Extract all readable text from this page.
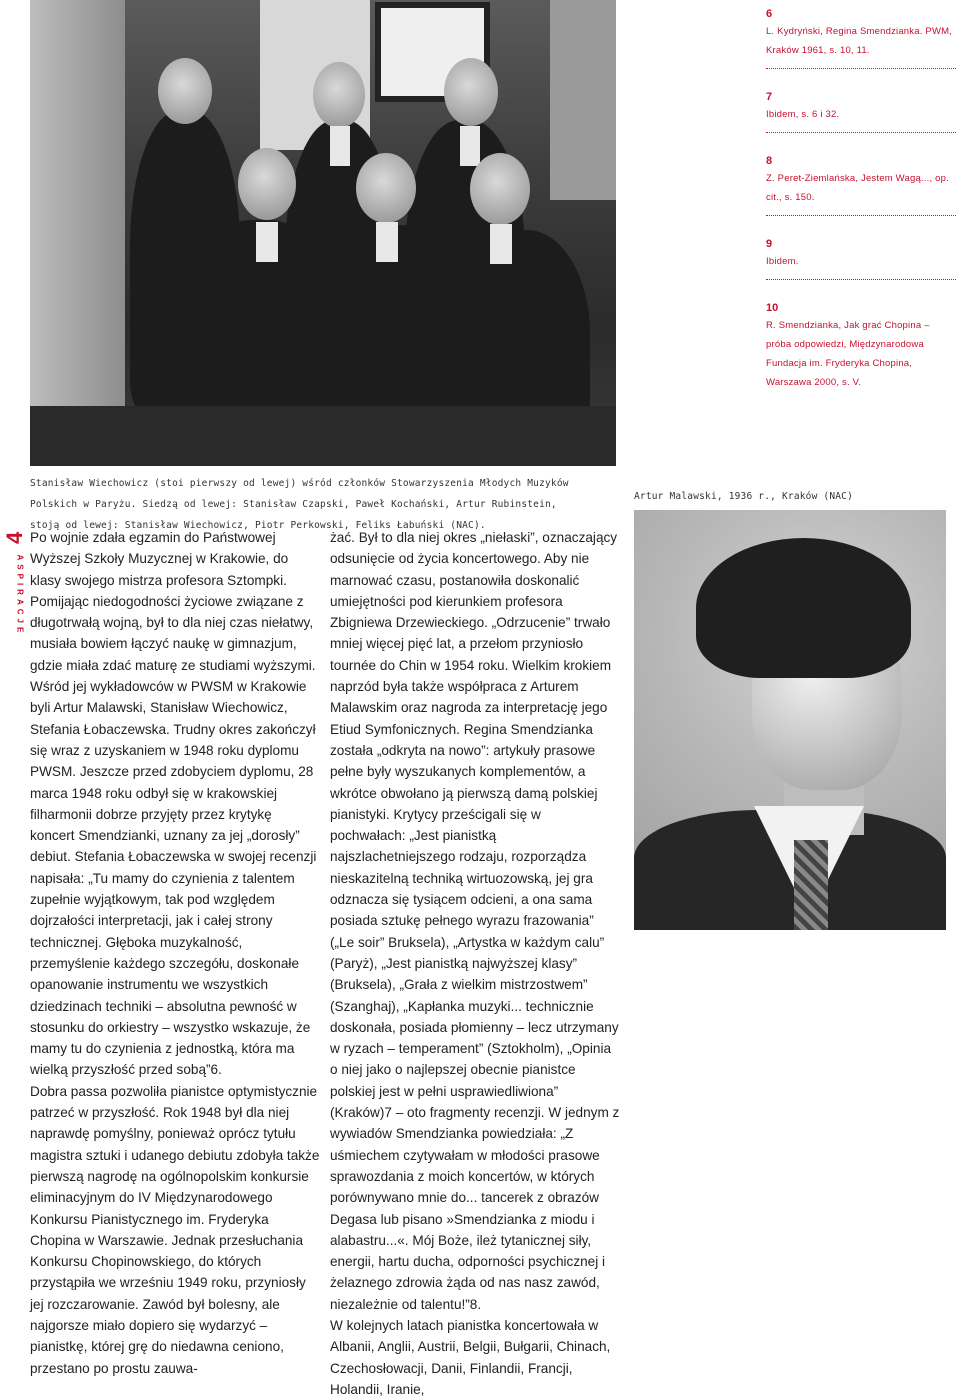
Stanisław Wiechowicz (stoi pierwszy od lewej) wśród członków Stowarzyszenia Młodych Muzyków Polskich w Paryżu. Siedzą od lewej: Stanisław Czapski, Paweł Kochański, Artur Rubinstein, stoją od lewej: Stanisław Wiechowicz, Piotr Perkowski, Feliks Łabuński (NAC).
Artur Malawski, 1936 r., Kraków (NAC)
6
L. Kydryński, Regina Smendzianka. PWM, Kraków 1961, s. 10, 11.
7
Ibidem, s. 6 i 32.
8
Z. Peret-Ziemlańska, Jestem Wagą..., op. cit., s. 150.
9
Ibidem.
10
R. Smendzianka, Jak grać Chopina – próba odpowiedzi, Międzynarodowa Fundacja im. Fryderyka Chopina, Warszawa 2000, s. V.
4
ASPIRACJE
Po wojnie zdała egzamin do Państwowej Wyższej Szkoły Muzycznej w Krakowie, do klasy swojego mistrza profesora Sztompki. Pomijając niedogodności życiowe związane z długotrwałą wojną, był to dla niej czas niełatwy, musiała bowiem łączyć naukę w gimnazjum, gdzie miała zdać maturę ze studiami wyższymi. Wśród jej wykładowców w PWSM w Krakowie byli Artur Malawski, Stanisław Wiechowicz, Stefania Łobaczewska. Trudny okres zakończył się wraz z uzyskaniem w 1948 roku dyplomu PWSM. Jeszcze przed zdobyciem dyplomu, 28 marca 1948 roku odbył się w krakowskiej filharmonii dobrze przyjęty przez krytykę koncert Smendzianki, uznany za jej „dorosły” debiut. Stefania Łobaczewska w swojej recenzji napisała: „Tu mamy do czynienia z talentem zupełnie wyjątkowym, tak pod względem dojrzałości interpretacji, jak i całej strony technicznej. Głęboka muzykalność, przemyślenie każdego szczegółu, doskonałe opanowanie instrumentu we wszystkich dziedzinach techniki – absolutna pewność w stosunku do orkiestry – wszystko wskazuje, że mamy tu do czynienia z jednostką, która ma wielką przyszłość przed sobą”6.
Dobra passa pozwoliła pianistce optymistycznie patrzeć w przyszłość. Rok 1948 był dla niej naprawdę pomyślny, ponieważ oprócz tytułu magistra sztuki i udanego debiutu zdobyła także pierwszą nagrodę na ogólnopolskim konkursie eliminacyjnym do IV Międzynarodowego Konkursu Pianistycznego im. Fryderyka Chopina w Warszawie. Jednak przesłuchania Konkursu Chopinowskiego, do których przystąpiła we wrześniu 1949 roku, przyniosły jej rozczarowanie. Zawód był bolesny, ale najgorsze miało dopiero się wydarzyć – pianistkę, której grę do niedawna ceniono, przestano po prostu zauwa-
żać. Był to dla niej okres „niełaski”, oznaczający odsunięcie od życia koncertowego. Aby nie marnować czasu, postanowiła doskonalić umiejętności pod kierunkiem profesora Zbigniewa Drzewieckiego. „Odrzucenie” trwało mniej więcej pięć lat, a przełom przyniosło tournée do Chin w 1954 roku. Wielkim krokiem naprzód była także współpraca z Arturem Malawskim oraz nagroda za interpretację jego Etiud Symfonicznych. Regina Smendzianka została „odkryta na nowo”: artykuły prasowe pełne były wyszukanych komplementów, a wkrótce obwołano ją pierwszą damą polskiej pianistyki. Krytycy prześcigali się w pochwałach: „Jest pianistką najszlachetniejszego rodzaju, rozporządza nieskazitelną techniką wirtuozowską, jej gra odznacza się tysiącem odcieni, a ona sama posiada sztukę pełnego wyrazu frazowania” („Le soir” Bruksela), „Artystka w każdym calu” (Paryż), „Jest pianistką najwyższej klasy” (Bruksela), „Grała z wielkim mistrzostwem” (Szanghaj), „Kapłanka muzyki... technicznie doskonała, posiada płomienny – lecz utrzymany w ryzach – temperament” (Sztokholm), „Opinia o niej jako o najlepszej obecnie pianistce polskiej jest w pełni usprawiedliwiona” (Kraków)7 – oto fragmenty recenzji. W jednym z wywiadów Smendzianka powiedziała: „Z uśmiechem czytywałam w młodości prasowe sprawozdania z moich koncertów, w których porównywano mnie do... tancerek z obrazów Degasa lub pisano »Smendzianka z miodu i alabastru...«. Mój Boże, ileż tytanicznej siły, energii, hartu ducha, odporności psychicznej i żelaznego zdrowia żąda od nas nasz zawód, niezależnie od talentu!”8.
W kolejnych latach pianistka koncertowała w Albanii, Anglii, Austrii, Belgii, Bułgarii, Chinach, Czechosłowacji, Danii, Finlandii, Francji, Holandii, Iranie,
